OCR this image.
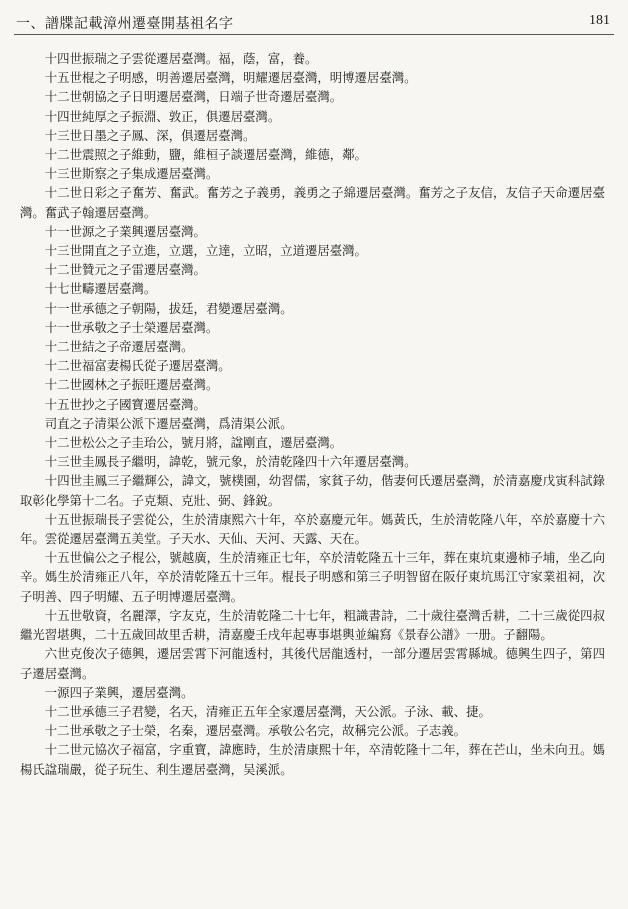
一、譜牒記載漳州遷臺開基祖名字	181

十四世振瑞之子雲從遷居臺灣。福，蔭，富，養。

十五世棍之子明感，明善遷居臺灣，明耀遷居臺灣，明博遷居臺灣。

十二世朝協之子日明遷居臺灣，日端子世奇遷居臺灣。

十四世純厚之子振淵、敦正，俱遷居臺灣。

十三世日墨之子鳳、深，俱遷居臺灣。

十二世震照之子維動，鹽，維桓子談遷居臺灣，維德，鄰。

十三世斯察之子集成遷居臺灣。

十二世日彩之子奮芳、奮武。奮芳之子義勇，義勇之子綿遷居臺灣。奮芳之子友信，友信子天命遷居臺灣。奮武子翰遷居臺灣。

十一世源之子業興遷居臺灣。

十三世開直之子立進，立選，立達，立昭，立道遷居臺灣。

十二世贊元之子雷遷居臺灣。

十七世疇遷居臺灣。

十一世承德之子朝陽，拔廷，君變遷居臺灣。

十一世承敬之子士榮遷居臺灣。

十二世結之子帝遷居臺灣。

十二世福富妻楊氏從子遷居臺灣。

十二世國林之子振旺遷居臺灣。

十五世抄之子國寶遷居臺灣。

司直之子清渠公派下遷居臺灣，爲清渠公派。

十二世松公之子圭珆公，號月將，諡剛直，遷居臺灣。

十三世圭鳳長子繼明，諱乾，號元象，於清乾隆四十六年遷居臺灣。

十四世圭鳳三子繼輝公，諱文，號樸園，幼習儒，家貧子幼，偕妻何氏遷居臺灣，於清嘉慶戊寅科試錄取彰化學第十二名。子克類、克壯、弼、鋒銳。

十五世振瑞長子雲從公，生於清康熙六十年，卒於嘉慶元年。媽黃氏，生於清乾隆八年，卒於嘉慶十六年。雲從遷居臺灣五美堂。子天水、天仙、天河、天露、天在。

十五世偏公之子棍公，號越廣，生於清雍正七年，卒於清乾隆五十三年，葬在東坑東邊柿子埔，坐乙向辛。媽生於清雍正八年，卒於清乾隆五十三年。棍長子明感和第三子明智留在阪仔東坑馬江守家業祖祠，次子明善、四子明耀、五子明博遷居臺灣。

十五世敬資，名麗澤，字友克，生於清乾隆二十七年，粗識書詩，二十歲往臺灣舌耕，二十三歲從四叔繼光習堪輿，二十五歲回故里舌耕，清嘉慶壬戌年起專事堪輿並編寫《景春公譜》一册。子翻陽。

六世克俊次子德興，遷居雲霄下河龍透村，其後代居龍透村，一部分遷居雲霄縣城。德興生四子，第四子遷居臺灣。

一源四子業興，遷居臺灣。

十二世承德三子君變，名天，清雍正五年全家遷居臺灣，天公派。子泳、載、捷。

十二世承敬之子士榮，名秦，遷居臺灣。承敬公名完，故稱完公派。子志義。

十二世元協次子福富，字重寶，諱應時，生於清康熙十年，卒清乾隆十二年，葬在芒山，坐未向丑。媽楊氏諡瑞嚴，從子玩生、利生遷居臺灣，吴溪派。
